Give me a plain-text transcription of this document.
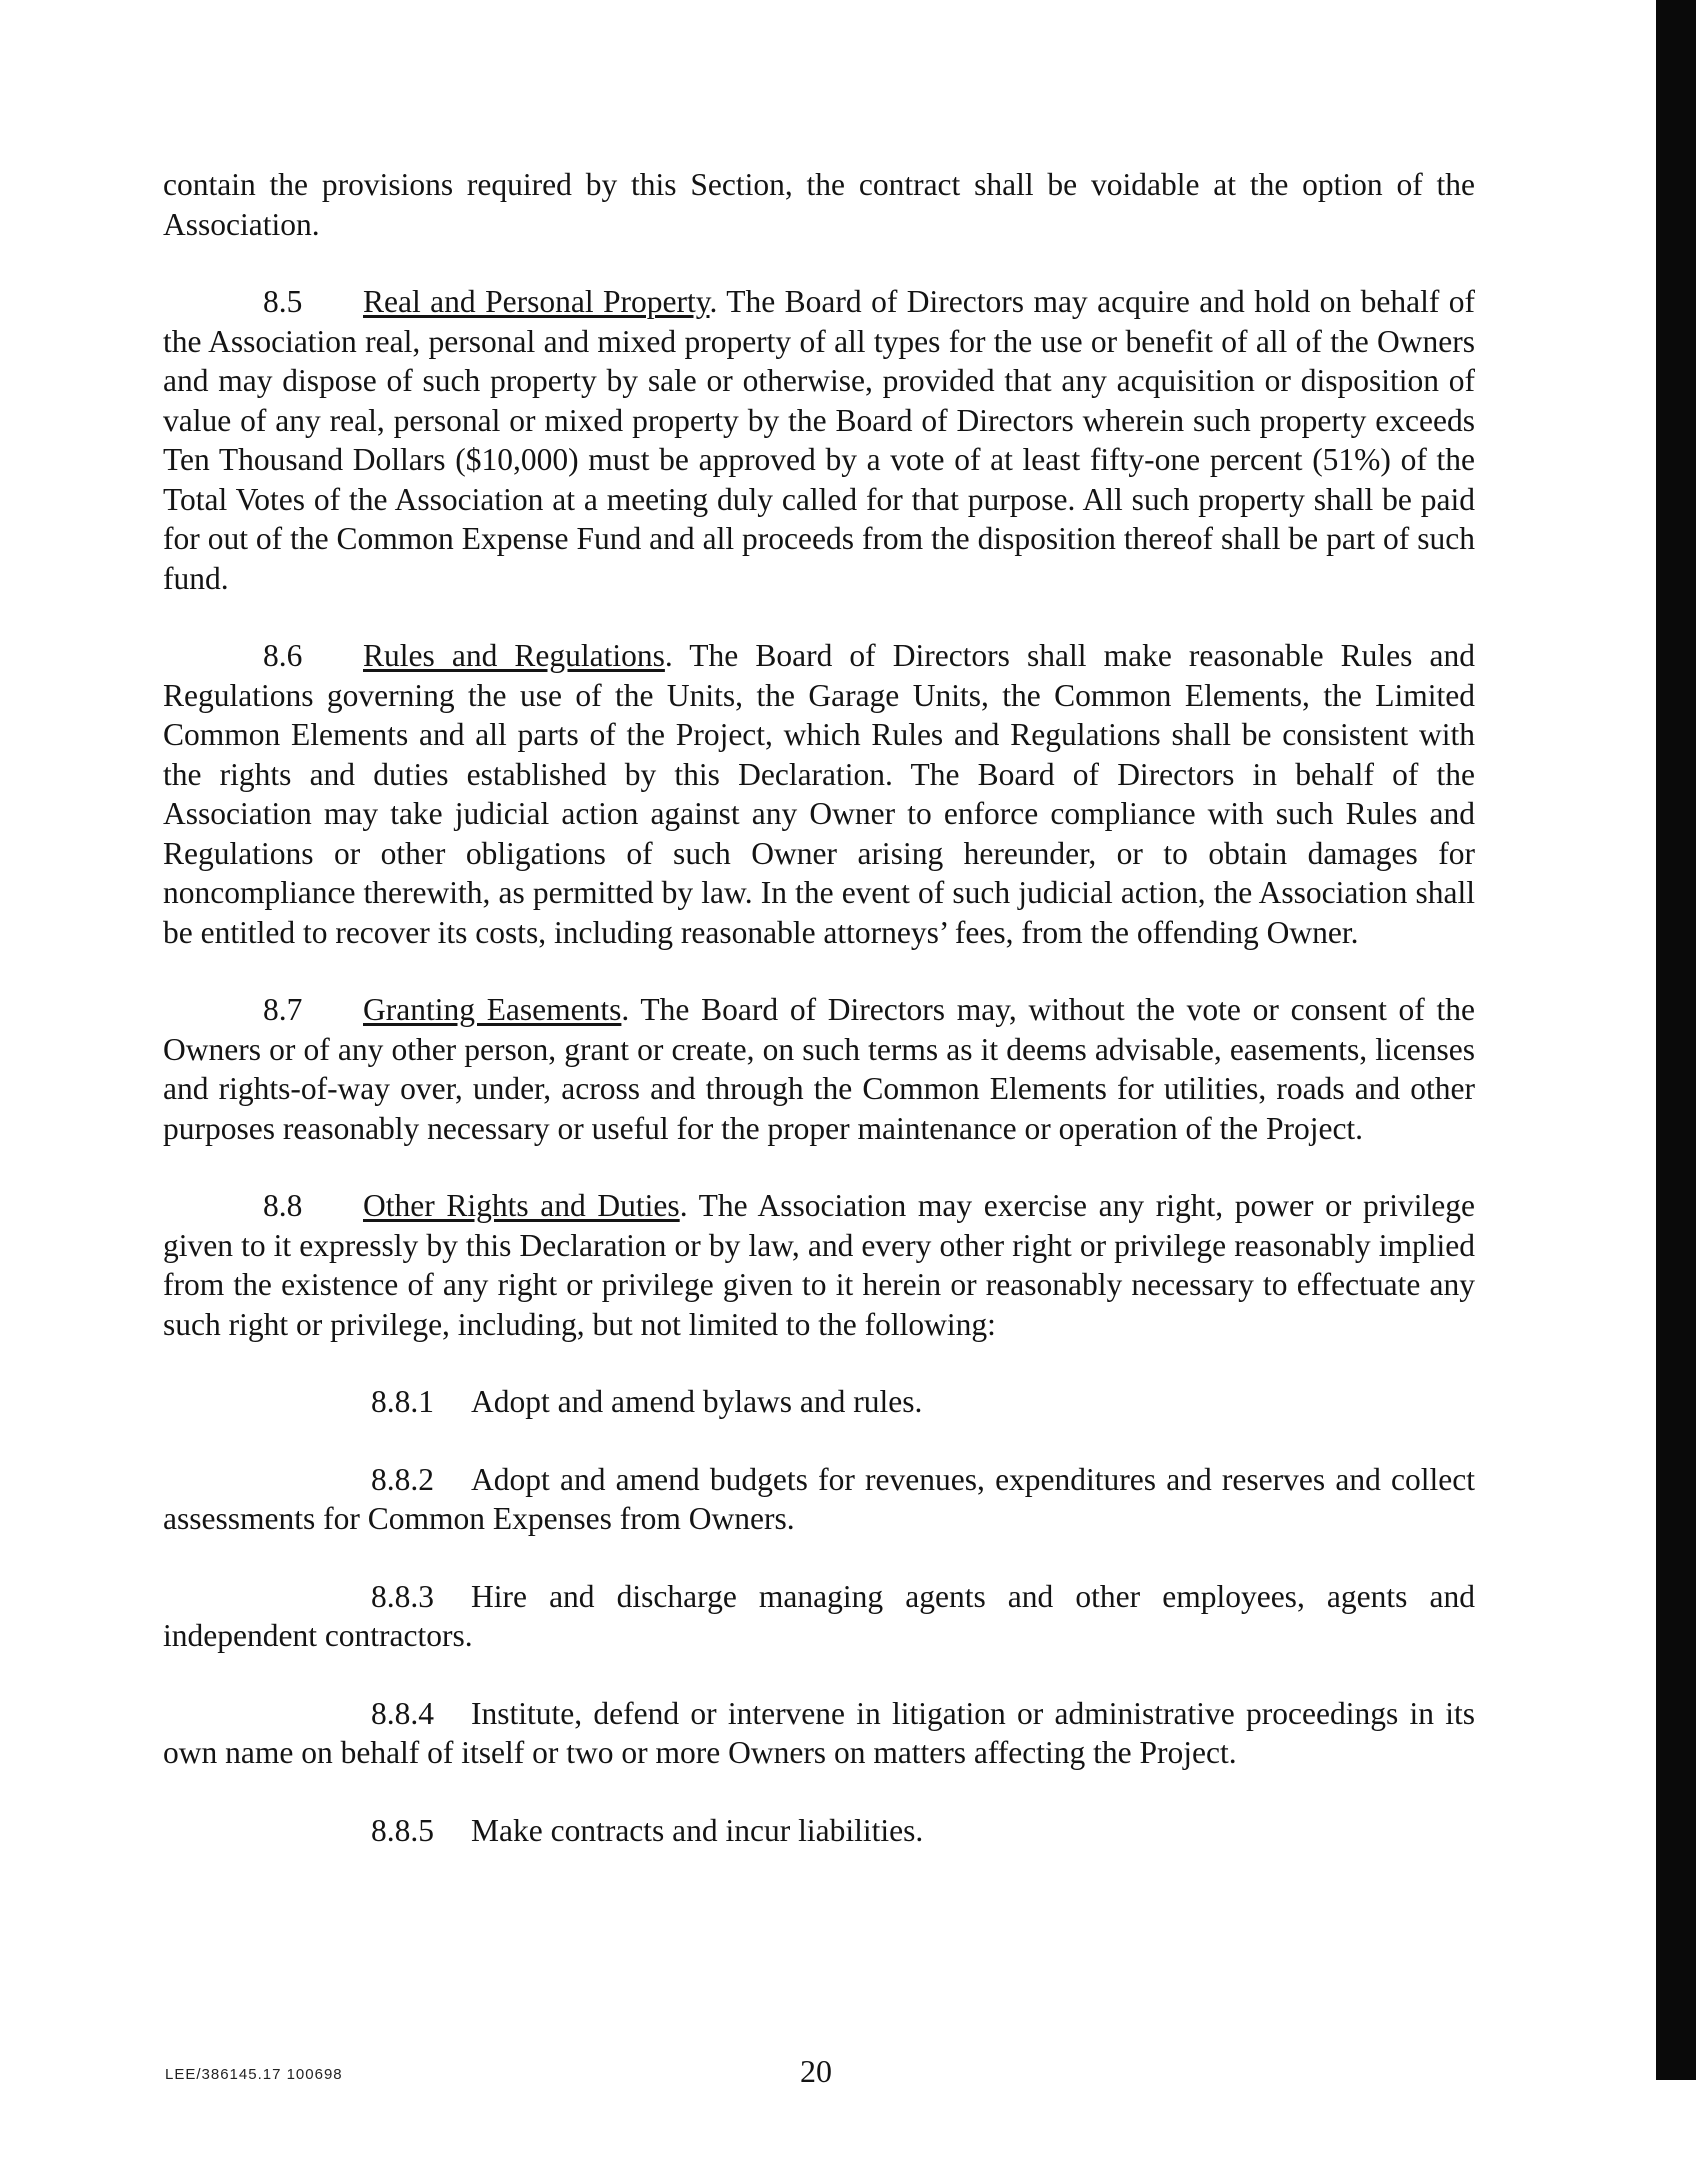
contain the provisions required by this Section, the contract shall be voidable at the option of the Association.

8.5 Real and Personal Property. The Board of Directors may acquire and hold on behalf of the Association real, personal and mixed property of all types for the use or benefit of all of the Owners and may dispose of such property by sale or otherwise, provided that any acquisition or disposition of value of any real, personal or mixed property by the Board of Directors wherein such property exceeds Ten Thousand Dollars ($10,000) must be approved by a vote of at least fifty-one percent (51%) of the Total Votes of the Association at a meeting duly called for that purpose. All such property shall be paid for out of the Common Expense Fund and all proceeds from the disposition thereof shall be part of such fund.

8.6 Rules and Regulations. The Board of Directors shall make reasonable Rules and Regulations governing the use of the Units, the Garage Units, the Common Elements, the Limited Common Elements and all parts of the Project, which Rules and Regulations shall be consistent with the rights and duties established by this Declaration. The Board of Directors in behalf of the Association may take judicial action against any Owner to enforce compliance with such Rules and Regulations or other obligations of such Owner arising hereunder, or to obtain damages for noncompliance therewith, as permitted by law. In the event of such judicial action, the Association shall be entitled to recover its costs, including reasonable attorneys’ fees, from the offending Owner.

8.7 Granting Easements. The Board of Directors may, without the vote or consent of the Owners or of any other person, grant or create, on such terms as it deems advisable, easements, licenses and rights-of-way over, under, across and through the Common Elements for utilities, roads and other purposes reasonably necessary or useful for the proper maintenance or operation of the Project.

8.8 Other Rights and Duties. The Association may exercise any right, power or privilege given to it expressly by this Declaration or by law, and every other right or privilege reasonably implied from the existence of any right or privilege given to it herein or reasonably necessary to effectuate any such right or privilege, including, but not limited to the following:

8.8.1 Adopt and amend bylaws and rules.

8.8.2 Adopt and amend budgets for revenues, expenditures and reserves and collect assessments for Common Expenses from Owners.

8.8.3 Hire and discharge managing agents and other employees, agents and independent contractors.

8.8.4 Institute, defend or intervene in litigation or administrative proceedings in its own name on behalf of itself or two or more Owners on matters affecting the Project.

8.8.5 Make contracts and incur liabilities.

LEE/386145.17 100698	20
